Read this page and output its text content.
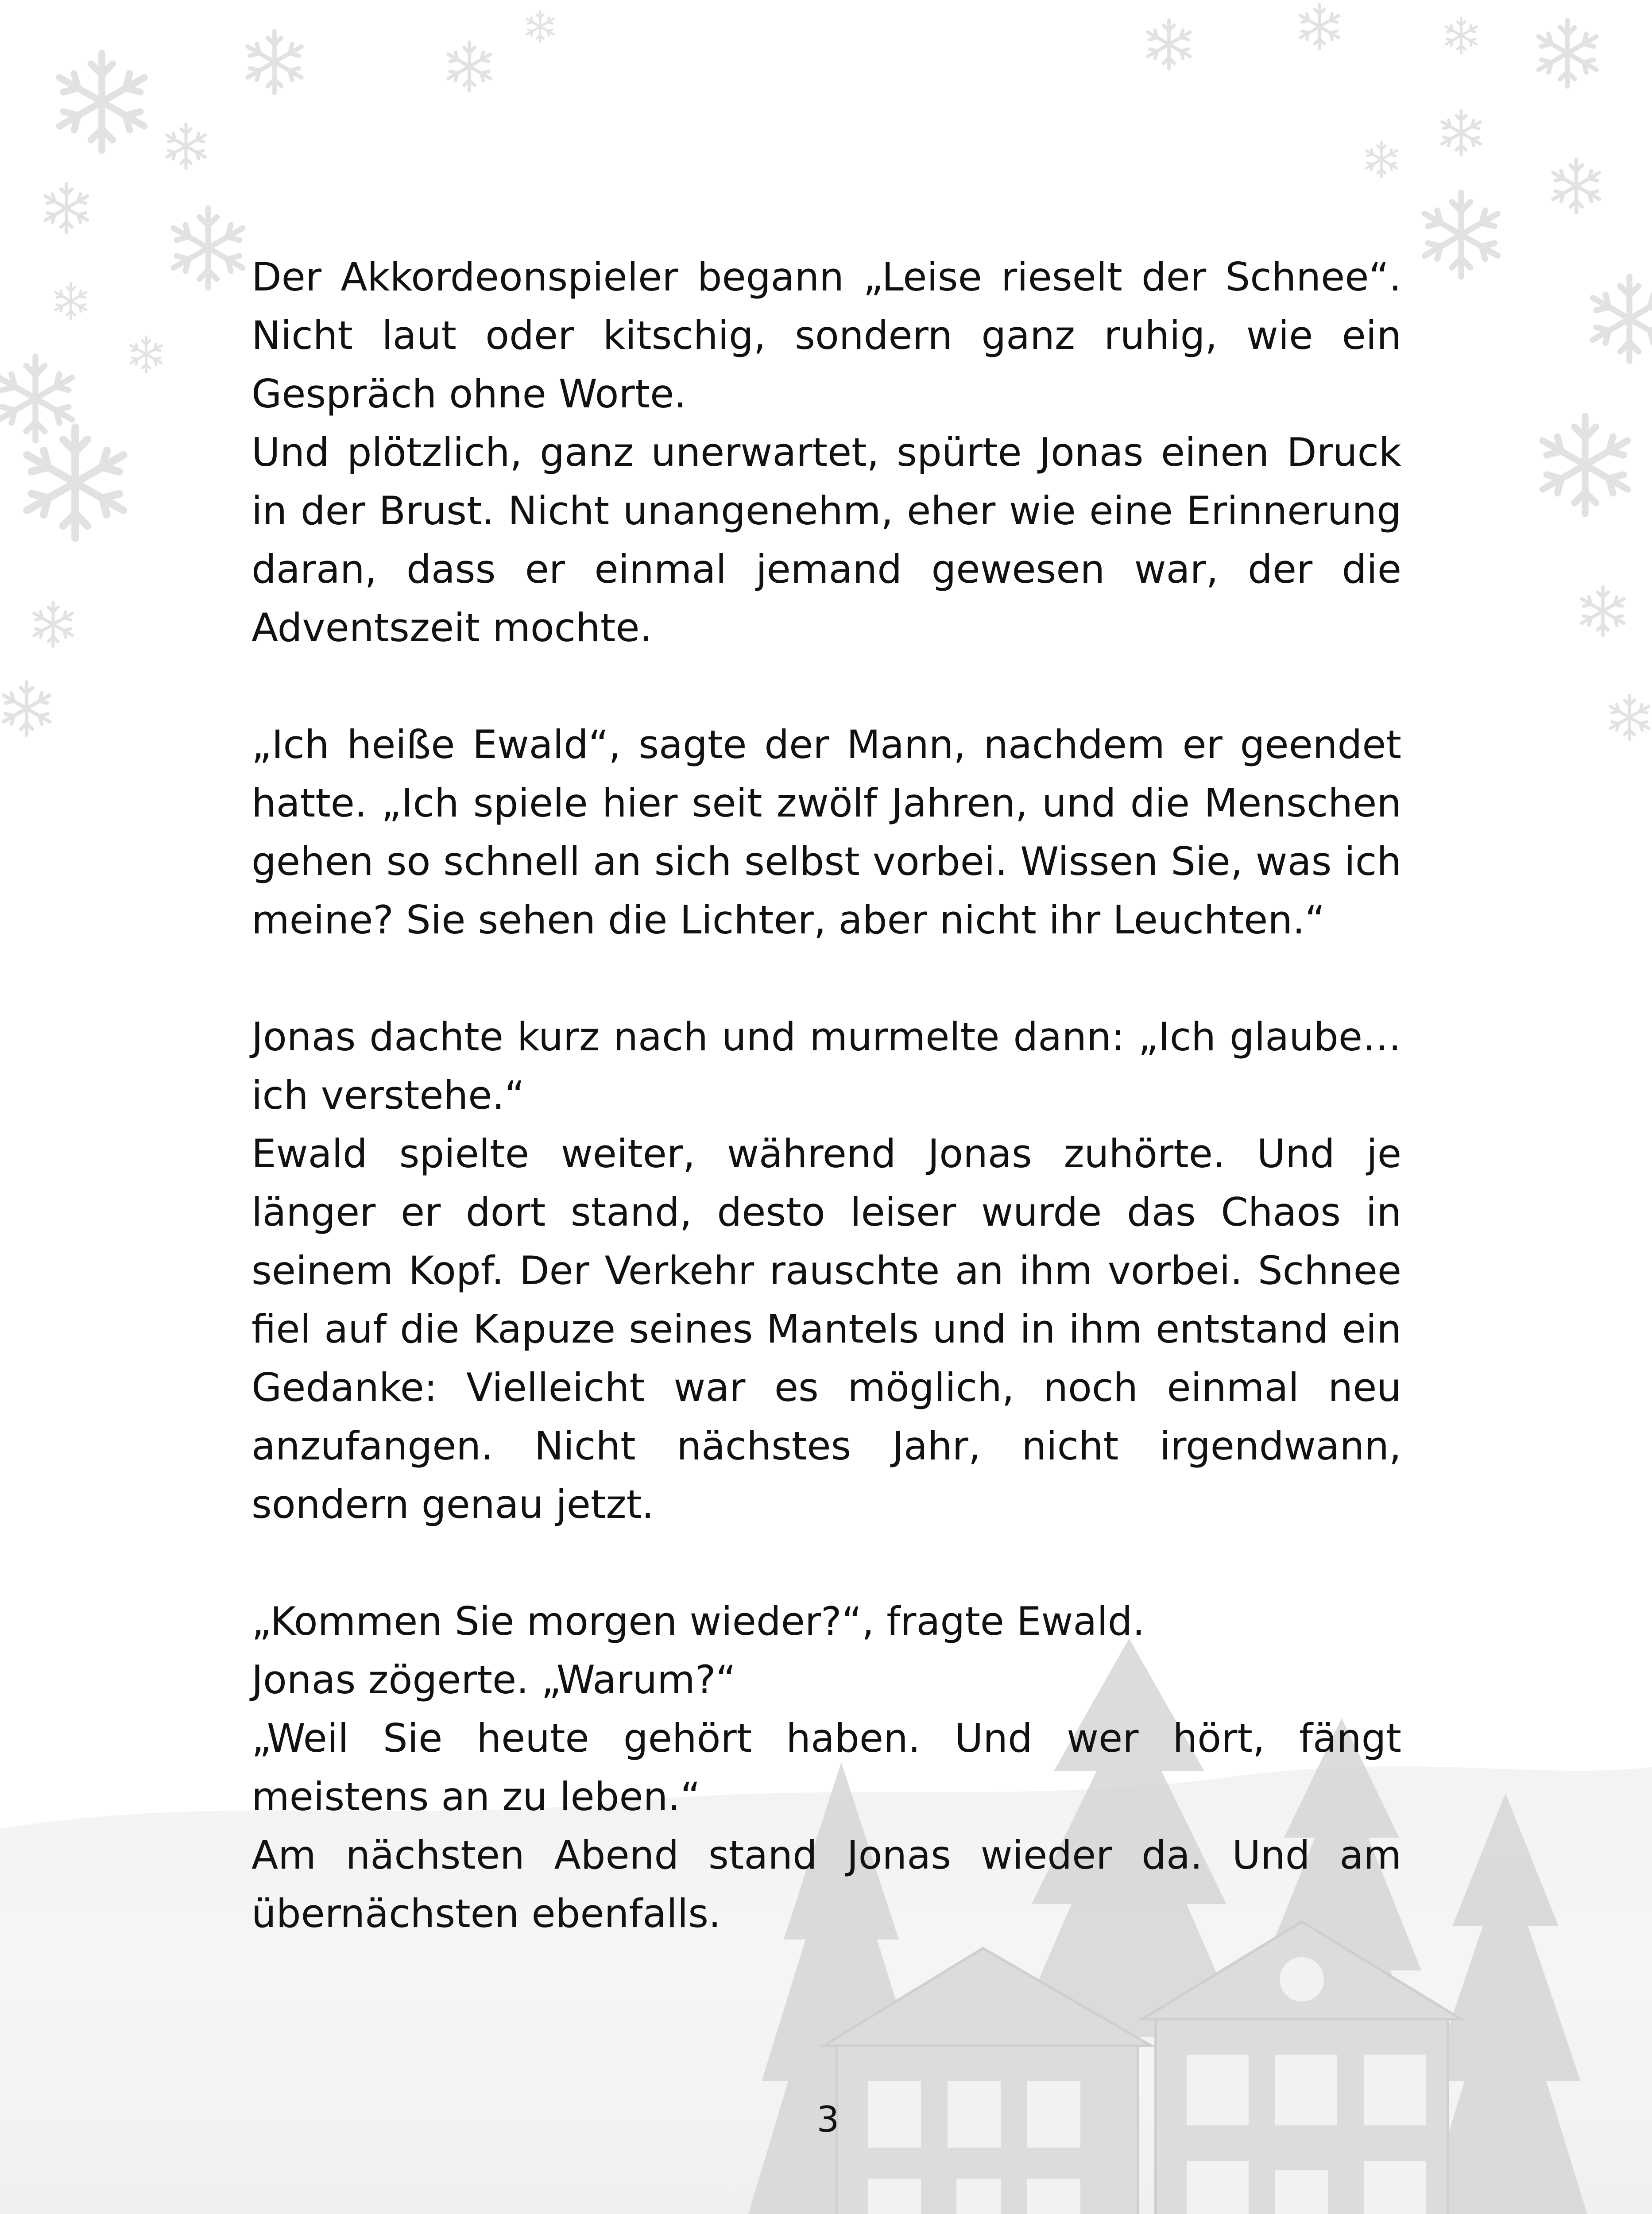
Der Akkordeonspieler begann „Leise rieselt der Schnee“. Nicht laut oder kitschig, sondern ganz ruhig, wie ein Gespräch ohne Worte.

Und plötzlich, ganz unerwartet, spürte Jonas einen Druck in der Brust. Nicht unangenehm, eher wie eine Erinnerung daran, dass er einmal jemand gewesen war, der die Adventszeit mochte.

„Ich heiße Ewald“, sagte der Mann, nachdem er geendet hatte. „Ich spiele hier seit zwölf Jahren, und die Menschen gehen so schnell an sich selbst vorbei. Wissen Sie, was ich meine? Sie sehen die Lichter, aber nicht ihr Leuchten.“

Jonas dachte kurz nach und murmelte dann: „Ich glaube… ich verstehe.“

Ewald spielte weiter, während Jonas zuhörte. Und je länger er dort stand, desto leiser wurde das Chaos in seinem Kopf. Der Verkehr rauschte an ihm vorbei. Schnee fiel auf die Kapuze seines Mantels und in ihm entstand ein Gedanke: Vielleicht war es möglich, noch einmal neu anzufangen. Nicht nächstes Jahr, nicht irgendwann, sondern genau jetzt.

„Kommen Sie morgen wieder?“, fragte Ewald.

Jonas zögerte. „Warum?“

„Weil Sie heute gehört haben. Und wer hört, fängt meistens an zu leben.“

Am nächsten Abend stand Jonas wieder da. Und am übernächsten ebenfalls.

3
